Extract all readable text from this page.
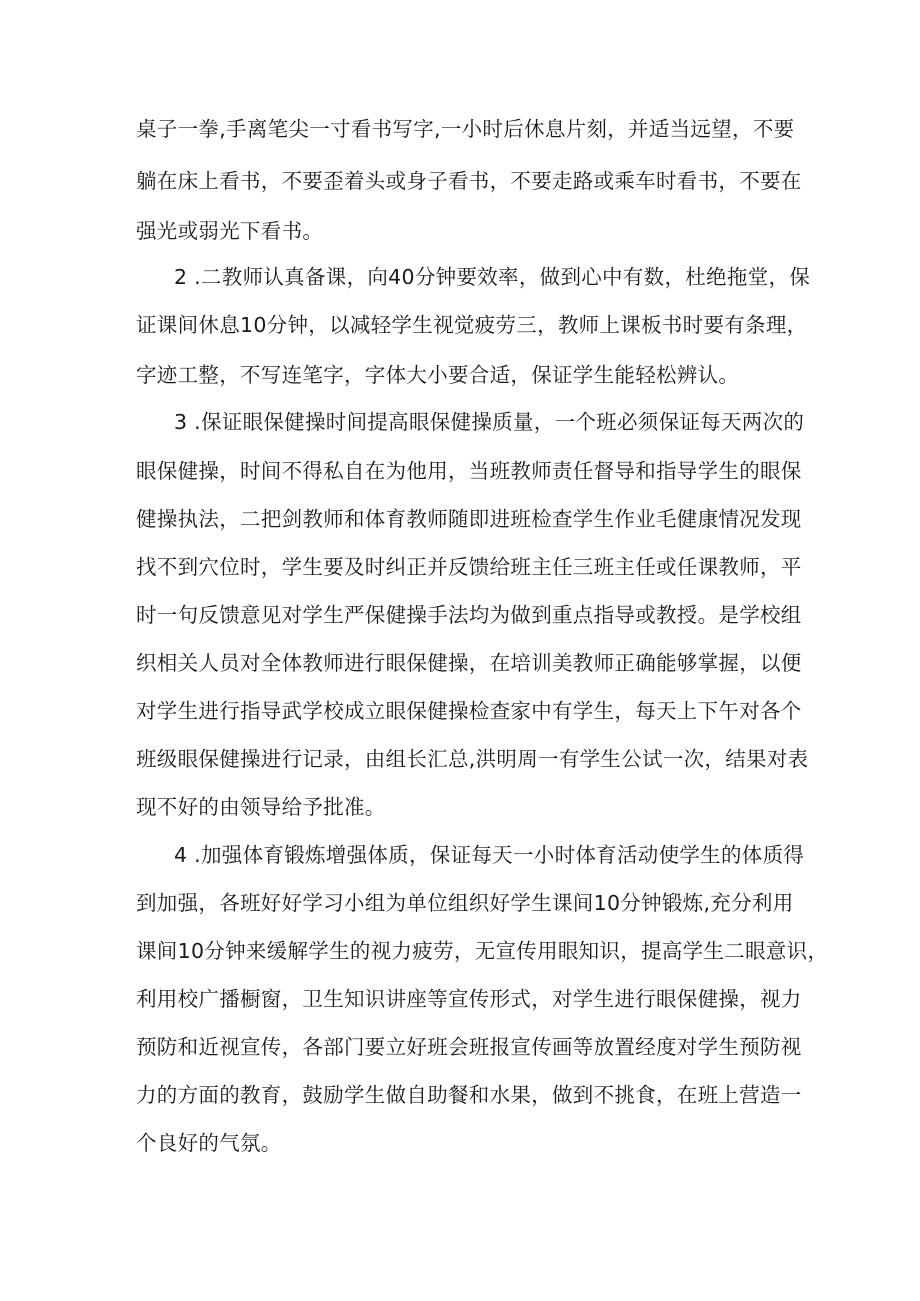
桌子一拳,手离笔尖一寸看书写字,一小时后休息片刻，并适当远望，不要
躺在床上看书，不要歪着头或身子看书，不要走路或乘车时看书，不要在
强光或弱光下看书。
2 .二教师认真备课，向40分钟要效率，做到心中有数，杜绝拖堂，保
证课间休息10分钟，以减轻学生视觉疲劳三，教师上课板书时要有条理，
字迹工整，不写连笔字，字体大小要合适，保证学生能轻松辨认。
3 .保证眼保健操时间提高眼保健操质量，一个班必须保证每天两次的
眼保健操，时间不得私自在为他用，当班教师责任督导和指导学生的眼保
健操执法，二把剑教师和体育教师随即进班检查学生作业毛健康情况发现
找不到穴位时，学生要及时纠正并反馈给班主任三班主任或任课教师，平
时一句反馈意见对学生严保健操手法均为做到重点指导或教授。是学校组
织相关人员对全体教师进行眼保健操，在培训美教师正确能够掌握，以便
对学生进行指导武学校成立眼保健操检查家中有学生，每天上下午对各个
班级眼保健操进行记录，由组长汇总,洪明周一有学生公试一次，结果对表
现不好的由领导给予批准。
4 .加强体育锻炼增强体质，保证每天一小时体育活动使学生的体质得
到加强，各班好好学习小组为单位组织好学生课间10分钟锻炼,充分利用
课间10分钟来缓解学生的视力疲劳，无宣传用眼知识，提高学生二眼意识，
利用校广播橱窗，卫生知识讲座等宣传形式，对学生进行眼保健操，视力
预防和近视宣传，各部门要立好班会班报宣传画等放置经度对学生预防视
力的方面的教育，鼓励学生做自助餐和水果，做到不挑食，在班上营造一
个良好的气氛。
